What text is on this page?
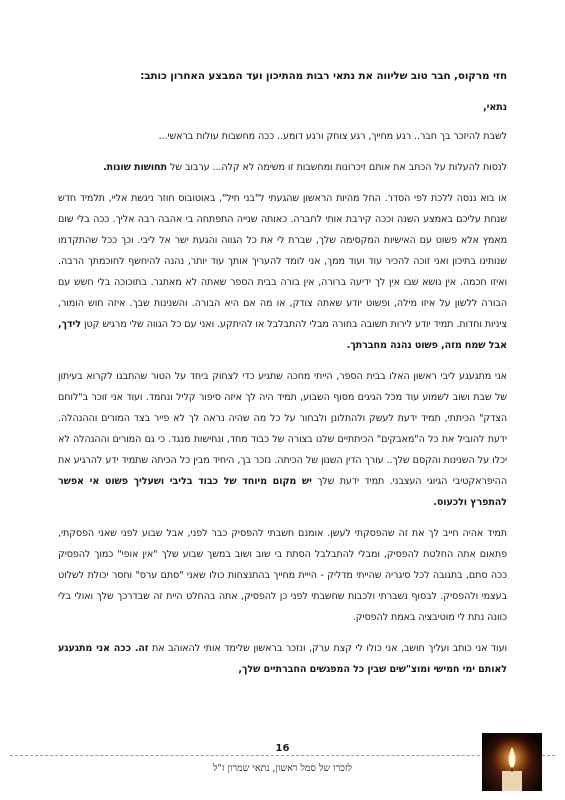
חזי מרקוס, חבר טוב שליווה את נתאי רבות מהתיכון ועד המבצע האחרון כותב:

נתאי,

לשבת להיזכר בך חבר.. רגע מחייך, רגע צוחק ורגע דומע.. ככה מחשבות עולות בראשי...

לנסות להעלות על הכתב את אותם זיכרונות ומחשבות זו משימה לא קלה... ערבוב של תחושות שונות.

או בוא ננסה ללכת לפי הסדר. החל מהיות הראשון שהגעתי ל"בני חיל", באוטובוס חוזר ניגשת אליי, תלמיד חדש שנחת עליכם באמצע השנה וככה קירבת אותי לחברה. כאותה שנייה התפתחה בי אהבה רבה אליך. ככה בלי שום מאמץ אלא פשוט עם האישיות המקסימה שלך, שברת לי את כל הגווה והגעת ישר אל ליבי. וכך ככל שהתקדמו שנותינו בתיכון ואני זוכה להכיר עוד ועוד ממך, אני לומד להעריך אותך עוד יותר, נהנה להיחשף לחוכמתך הרבה. ואיזו חכמה. אין נושא שבו אין לך ידיעה ברורה, אין בורה בבית הספר שאתה לא מאתגר. בתוכוכה בלי חשש עם הבורה ללשון על איזו מילה, ופשוט יודע שאתה צודק, או מה אם היא הבורה. והשנינות שבך. איזה חוש הומור, ציניות וחדות. תמיד יודע לירות תשובה בחורה מבלי להתבלבל או להיתקע. ואני עם כל הגווה שלי מרגיש קטן לידך, אבל שמח מזה, פשוט נהנה מחברתך.

אני מתגעגע ליבי ראשון האלו בבית הספר, הייתי מחכה שתגיע כדי לצחוק ביחד על הטור שהתבגו לקרוא בעיתון של שבת ושוב לשמוע עוד מכל הגיגים מסוף השבוע, תמיד היה לך איזה סיפור קליל ונחמד. ועוד אני זוכר ב"לוחם הצדק" הכיתתי, תמיד ידעת לעשק ולהתלונן ולבחור על כל מה שהיה נראה לך לא פייר בצד המורים וההנהלה. ידעת להוביל את כל ה"מאבקים" הכיתתיים שלנו בצורה של כבוד מחד, ונחישות מנגד. כי גם המורים וההנהלה לא יכלו על השנינות והקסם שלך.. עורך הדין השנון של הכיתה. נזכר בך, היחיד מבין כל הכיתה שתמיד ידע להרגיע את ההיפראקטיבי הגיוגי העצבני. תמיד ידעת שלך יש מקום מיוחד של כבוד בליבי ושעליך פשוט אי אפשר להתפרץ ולכעוס.

תמיד אהיה חייב לך את זה שהפסקתי לעשן. אומנם חשבתי להפסיק כבר לפני, אבל שבוע לפני שאני הפסקתי, פתאום אתה החלטת להפסיק, ומבלי להתבלבל הסתת בי שוב ושוב במשך שבוע שלך "אין אופי" כמוך להפסיק ככה סתם, בתגובה לכל סיגריה שהייתי מדליק - הייית מחייך בהתנצחות כולו שאני "סתם ערס" וחסר יכולת לשלוט בעצמי ולהפסיק. לבסוף נשברתי ולכבות שחשבתי לפני כן להפסיק, אתה בהחלט היית זה שבדרכך שלך ואולי בלי כוונה נתת לי מוטיבציה באמת להפסיק.

ועוד אני כותב ועליך חושב, אני כולו לי קצת ערק, ונזכר בראשון שלימד אותי להאוהב את זה. ככה אני מתגעגע לאותם ימי חמישי ומוצ"שים שבין כל המפגשים החברתיים שלך,

16
לזכרו של סמל ראשון, נתאי שמרון ז"ל
